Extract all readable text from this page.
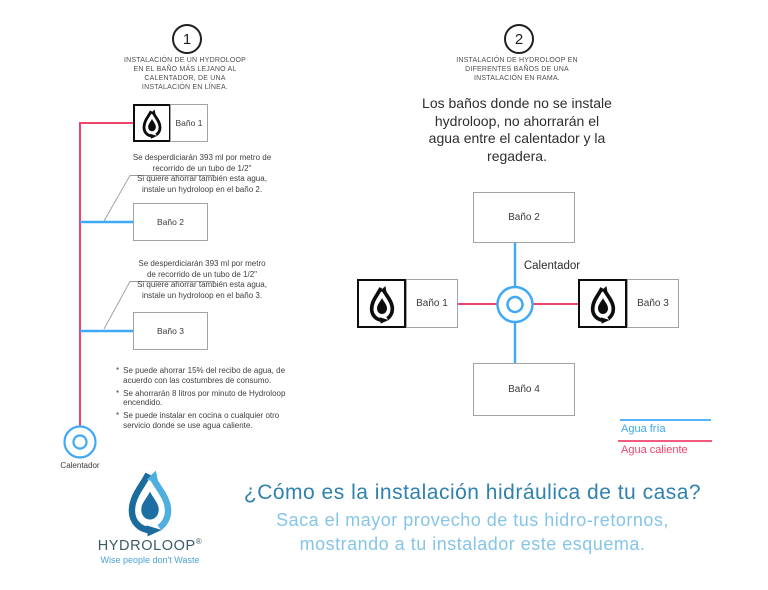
1
INSTALACIÓN DE UN HYDROLOOP
EN EL BAÑO MÁS LEJANO AL
CALENTADOR, DE UNA
INSTALACIÓN EN LÍNEA.
Baño 1
Se desperdiciarán 393 ml por metro de
recorrido de un tubo de 1/2"
Si quiere ahorrar también esta agua,
instale un hydroloop en el baño 2.
Baño 2
Se desperdiciarán 393 ml por metro
de recorrido de un tubo de 1/2"
Si quiere ahorrar también esta agua,
instale un hydroloop en el baño 3.
Baño 3
* Se puede ahorrar 15% del recibo de agua, de acuerdo con las costumbres de consumo.
* Se ahorrarán 8 litros por minuto de Hydroloop encendido.
* Se puede instalar en cocina o cualquier otro servicio donde se use agua caliente.
Calentador
2
INSTALACIÓN DE HYDROLOOP EN
DIFERENTES BAÑOS DE UNA
INSTALACIÓN EN RAMA.
Los baños donde no se instale
hydroloop, no ahorrarán el
agua entre el calentador y la
regadera.
Baño 2
Calentador
Baño 1	Baño 3
Baño 4
Agua fría
Agua caliente
HYDROLOOP®
Wise people don't Waste
¿Cómo es la instalación hidráulica de tu casa?
Saca el mayor provecho de tus hidro-retornos,
mostrando a tu instalador este esquema.
